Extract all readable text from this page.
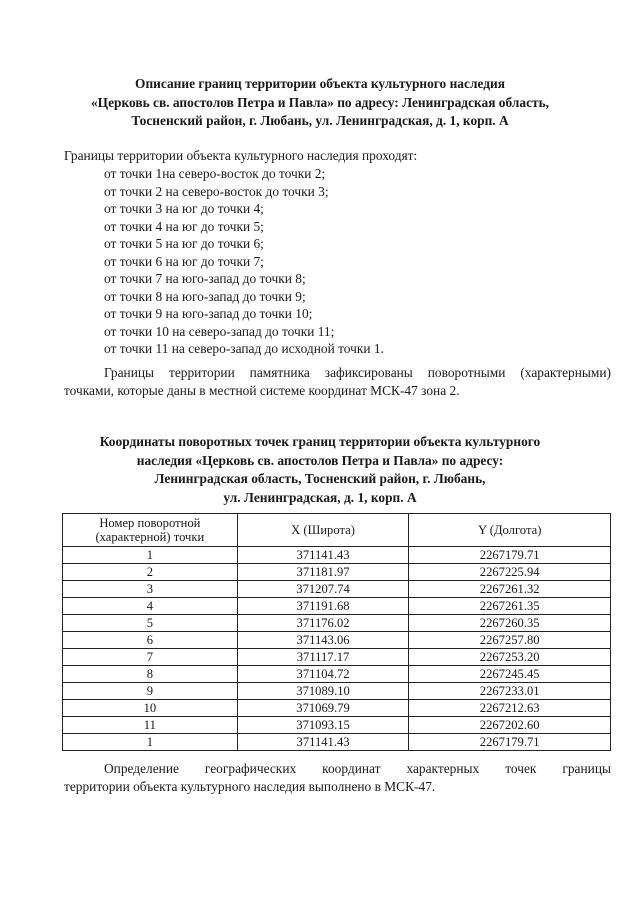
Описание границ территории объекта культурного наследия
«Церковь св. апостолов Петра и Павла» по адресу: Ленинградская область,
Тосненский район, г. Любань, ул. Ленинградская, д. 1, корп. А
Границы территории объекта культурного наследия проходят:
от точки 1на северо-восток до точки 2;
от точки 2 на северо-восток до точки 3;
от точки 3 на юг до точки 4;
от точки 4 на юг до точки 5;
от точки 5 на юг до точки 6;
от точки 6 на юг до точки 7;
от точки 7 на юго-запад до точки 8;
от точки 8 на юго-запад до точки 9;
от точки 9 на юго-запад до точки 10;
от точки 10 на северо-запад до точки 11;
от точки 11 на северо-запад до исходной точки 1.
Границы территории памятника зафиксированы поворотными (характерными)
точками, которые даны в местной системе координат МСК-47 зона 2.
Координаты поворотных точек границ территории объекта культурного
наследия «Церковь св. апостолов Петра и Павла» по адресу:
Ленинградская область, Тосненский район, г. Любань,
ул. Ленинградская, д. 1, корп. А
Номер поворотной
(характерной) точки	X (Широта)	Y (Долгота)
1	371141.43	2267179.71
2	371181.97	2267225.94
3	371207.74	2267261.32
4	371191.68	2267261.35
5	371176.02	2267260.35
6	371143.06	2267257.80
7	371117.17	2267253.20
8	371104.72	2267245.45
9	371089.10	2267233.01
10	371069.79	2267212.63
11	371093.15	2267202.60
1	371141.43	2267179.71
Определение географических координат характерных точек границы
территории объекта культурного наследия выполнено в МСК-47.
